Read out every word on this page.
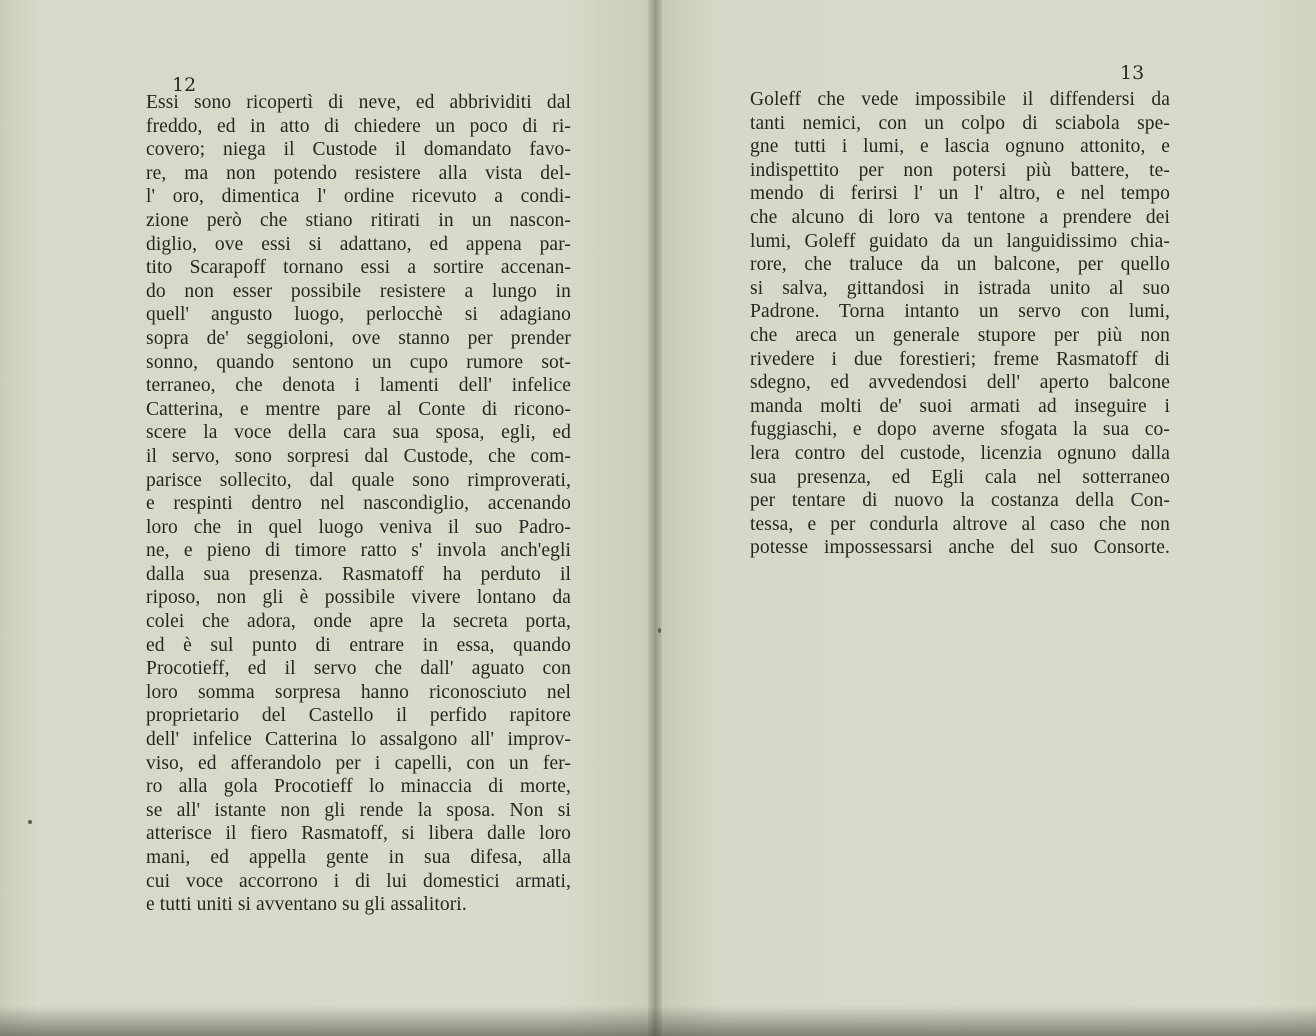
12
Essi sono ricopertì di neve, ed abbrividiti dal
freddo, ed in atto di chiedere un poco di ri-
covero; niega il Custode il domandato favo-
re, ma non potendo resistere alla vista del-
l' oro, dimentica l' ordine ricevuto a condi-
zione però che stiano ritirati in un nascon-
diglio, ove essi si adattano, ed appena par-
tito Scarapoff tornano essi a sortire accenan-
do non esser possibile resistere a lungo in
quell' angusto luogo, perlocchè si adagiano
sopra de' seggioloni, ove stanno per prender
sonno, quando sentono un cupo rumore sot-
terraneo, che denota i lamenti dell' infelice
Catterina, e mentre pare al Conte di ricono-
scere la voce della cara sua sposa, egli, ed
il servo, sono sorpresi dal Custode, che com-
parisce sollecito, dal quale sono rimproverati,
e respinti dentro nel nascondiglio, accenando
loro che in quel luogo veniva il suo Padro-
ne, e pieno di timore ratto s' invola anch'egli
dalla sua presenza. Rasmatoff ha perduto il
riposo, non gli è possibile vivere lontano da
colei che adora, onde apre la secreta porta,
ed è sul punto di entrare in essa, quando
Procotieff, ed il servo che dall' aguato con
loro somma sorpresa hanno riconosciuto nel
proprietario del Castello il perfido rapitore
dell' infelice Catterina lo assalgono all' improv-
viso, ed afferandolo per i capelli, con un fer-
ro alla gola Procotieff lo minaccia di morte,
se all' istante non gli rende la sposa. Non si
atterisce il fiero Rasmatoff, si libera dalle loro
mani, ed appella gente in sua difesa, alla
cui voce accorrono i di lui domestici armati,
e tutti uniti si avventano su gli assalitori.
13
Goleff che vede impossibile il diffendersi da
tanti nemici, con un colpo di sciabola spe-
gne tutti i lumi, e lascia ognuno attonito, e
indispettito per non potersi più battere, te-
mendo di ferirsi l' un l' altro, e nel tempo
che alcuno di loro va tentone a prendere dei
lumi, Goleff guidato da un languidissimo chia-
rore, che traluce da un balcone, per quello
si salva, gittandosi in istrada unito al suo
Padrone. Torna intanto un servo con lumi,
che areca un generale stupore per più non
rivedere i due forestieri; freme Rasmatoff di
sdegno, ed avvedendosi dell' aperto balcone
manda molti de' suoi armati ad inseguire i
fuggiaschi, e dopo averne sfogata la sua co-
lera contro del custode, licenzia ognuno dalla
sua presenza, ed Egli cala nel sotterraneo
per tentare di nuovo la costanza della Con-
tessa, e per condurla altrove al caso che non
potesse impossessarsi anche del suo Consorte.
